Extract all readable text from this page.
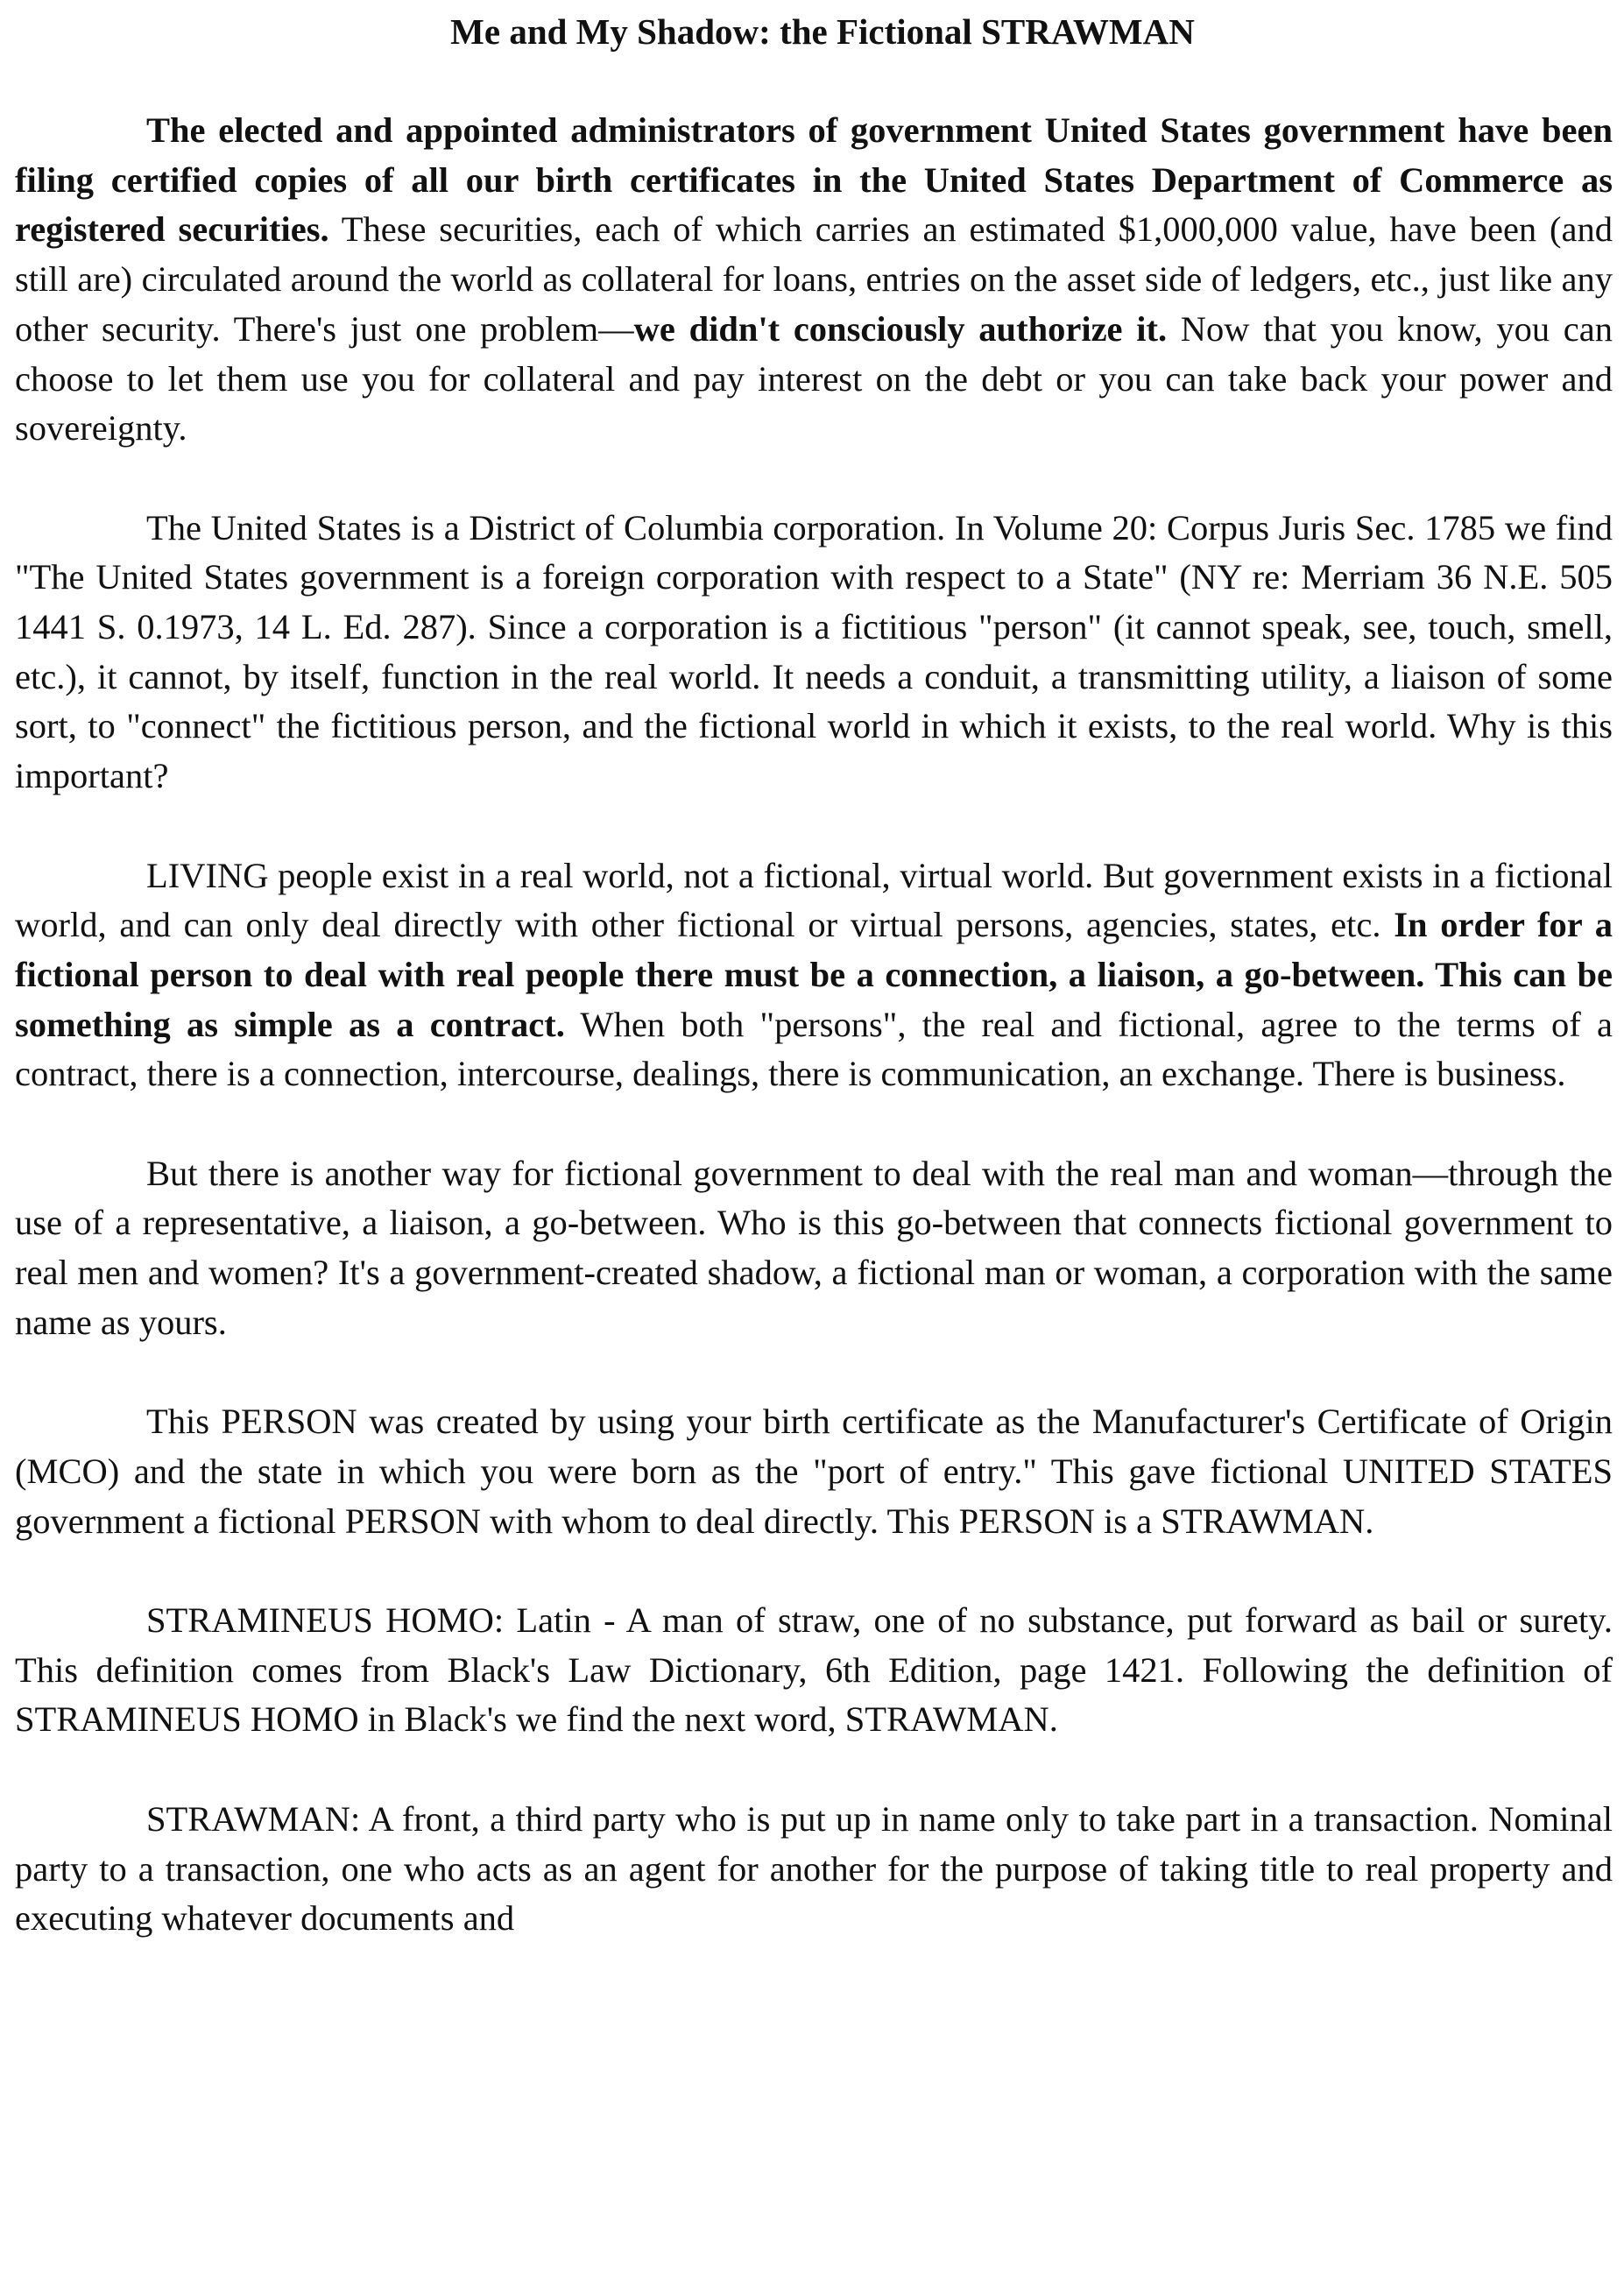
Me and My Shadow: the Fictional STRAWMAN

The elected and appointed administrators of government United States government have been filing certified copies of all our birth certificates in the United States Department of Commerce as registered securities. These securities, each of which carries an estimated $1,000,000 value, have been (and still are) circulated around the world as collateral for loans, entries on the asset side of ledgers, etc., just like any other security. There's just one problem—we didn't consciously authorize it. Now that you know, you can choose to let them use you for collateral and pay interest on the debt or you can take back your power and sovereignty.

The United States is a District of Columbia corporation. In Volume 20: Corpus Juris Sec. 1785 we find "The United States government is a foreign corporation with respect to a State" (NY re: Merriam 36 N.E. 505 1441 S. 0.1973, 14 L. Ed. 287). Since a corporation is a fictitious "person" (it cannot speak, see, touch, smell, etc.), it cannot, by itself, function in the real world. It needs a conduit, a transmitting utility, a liaison of some sort, to "connect" the fictitious person, and the fictional world in which it exists, to the real world. Why is this important?

LIVING people exist in a real world, not a fictional, virtual world. But government exists in a fictional world, and can only deal directly with other fictional or virtual persons, agencies, states, etc. In order for a fictional person to deal with real people there must be a connection, a liaison, a go-between. This can be something as simple as a contract. When both "persons", the real and fictional, agree to the terms of a contract, there is a connection, intercourse, dealings, there is communication, an exchange. There is business.

But there is another way for fictional government to deal with the real man and woman—through the use of a representative, a liaison, a go-between. Who is this go-between that connects fictional government to real men and women? It's a government-created shadow, a fictional man or woman, a corporation with the same name as yours.

This PERSON was created by using your birth certificate as the Manufacturer's Certificate of Origin (MCO) and the state in which you were born as the "port of entry." This gave fictional UNITED STATES government a fictional PERSON with whom to deal directly. This PERSON is a STRAWMAN.

STRAMINEUS HOMO: Latin - A man of straw, one of no substance, put forward as bail or surety. This definition comes from Black's Law Dictionary, 6th Edition, page 1421. Following the definition of STRAMINEUS HOMO in Black's we find the next word, STRAWMAN.

STRAWMAN: A front, a third party who is put up in name only to take part in a transaction. Nominal party to a transaction, one who acts as an agent for another for the purpose of taking title to real property and executing whatever documents and
